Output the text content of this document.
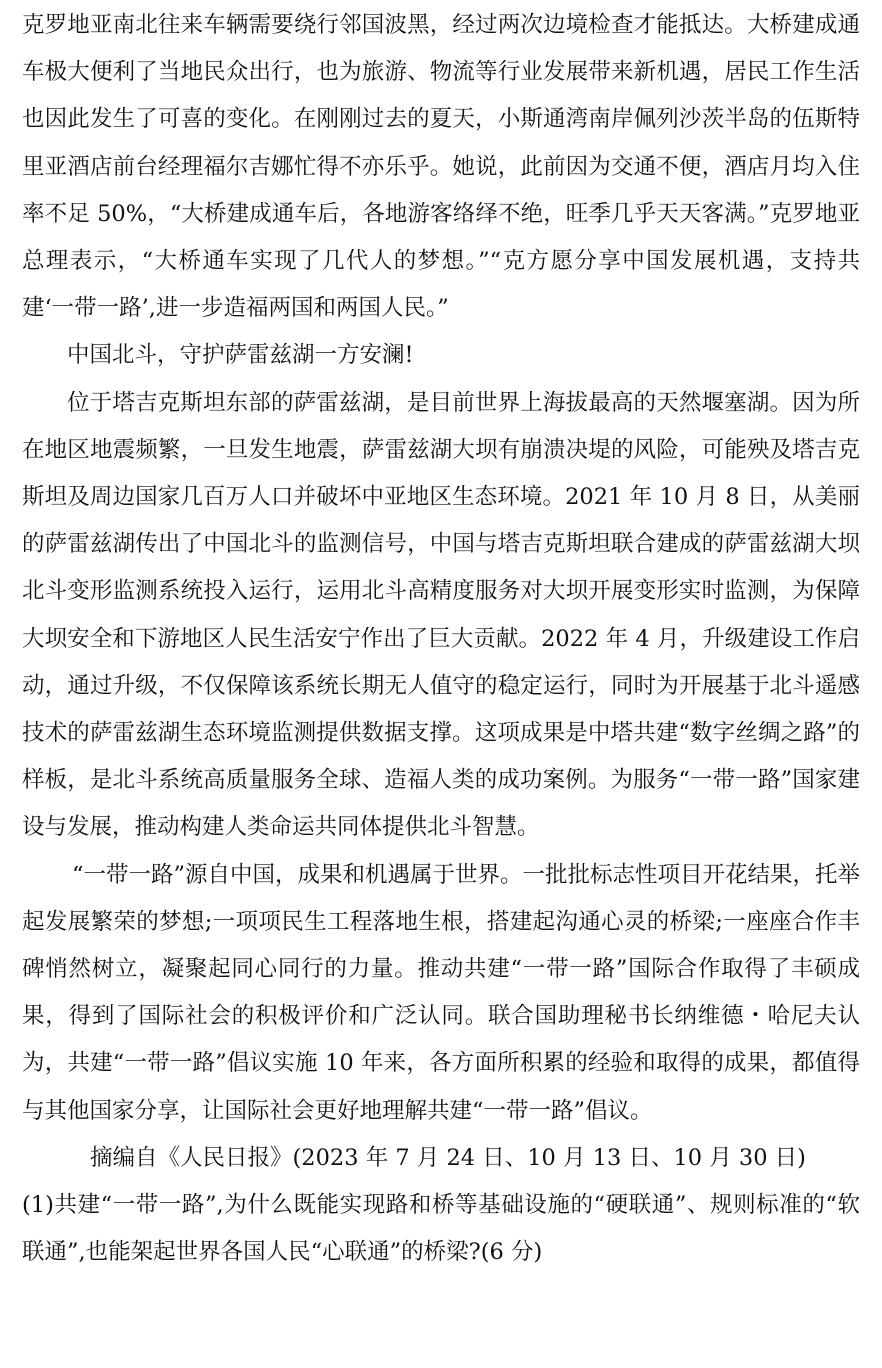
克罗地亚南北往来车辆需要绕行邻国波黑，经过两次边境检查才能抵达。大桥建成通车极大便利了当地民众出行，也为旅游、物流等行业发展带来新机遇，居民工作生活也因此发生了可喜的变化。在刚刚过去的夏天，小斯通湾南岸佩列沙茨半岛的伍斯特里亚酒店前台经理福尔吉娜忙得不亦乐乎。她说，此前因为交通不便，酒店月均入住率不足 50%，“大桥建成通车后，各地游客络绎不绝，旺季几乎天天客满。”克罗地亚总理表示，“大桥通车实现了几代人的梦想。”“克方愿分享中国发展机遇，支持共建‘一带一路’,进一步造福两国和两国人民。”

中国北斗，守护萨雷兹湖一方安澜!

位于塔吉克斯坦东部的萨雷兹湖，是目前世界上海拔最高的天然堰塞湖。因为所在地区地震频繁，一旦发生地震，萨雷兹湖大坝有崩溃决堤的风险，可能殃及塔吉克斯坦及周边国家几百万人口并破坏中亚地区生态环境。2021 年 10 月 8 日，从美丽的萨雷兹湖传出了中国北斗的监测信号，中国与塔吉克斯坦联合建成的萨雷兹湖大坝北斗变形监测系统投入运行，运用北斗高精度服务对大坝开展变形实时监测，为保障大坝安全和下游地区人民生活安宁作出了巨大贡献。2022 年 4 月，升级建设工作启动，通过升级，不仅保障该系统长期无人值守的稳定运行，同时为开展基于北斗遥感技术的萨雷兹湖生态环境监测提供数据支撑。这项成果是中塔共建“数字丝绸之路”的样板，是北斗系统高质量服务全球、造福人类的成功案例。为服务“一带一路”国家建设与发展，推动构建人类命运共同体提供北斗智慧。

“一带一路”源自中国，成果和机遇属于世界。一批批标志性项目开花结果，托举起发展繁荣的梦想;一项项民生工程落地生根，搭建起沟通心灵的桥梁;一座座合作丰碑悄然树立，凝聚起同心同行的力量。推动共建“一带一路”国际合作取得了丰硕成果，得到了国际社会的积极评价和广泛认同。联合国助理秘书长纳维德・哈尼夫认为，共建“一带一路”倡议实施 10 年来，各方面所积累的经验和取得的成果，都值得与其他国家分享，让国际社会更好地理解共建“一带一路”倡议。

摘编自《人民日报》(2023 年 7 月 24 日、10 月 13 日、10 月 30 日)

(1)共建“一带一路”,为什么既能实现路和桥等基础设施的“硬联通”、规则标准的“软联通”,也能架起世界各国人民“心联通”的桥梁?(6 分)
